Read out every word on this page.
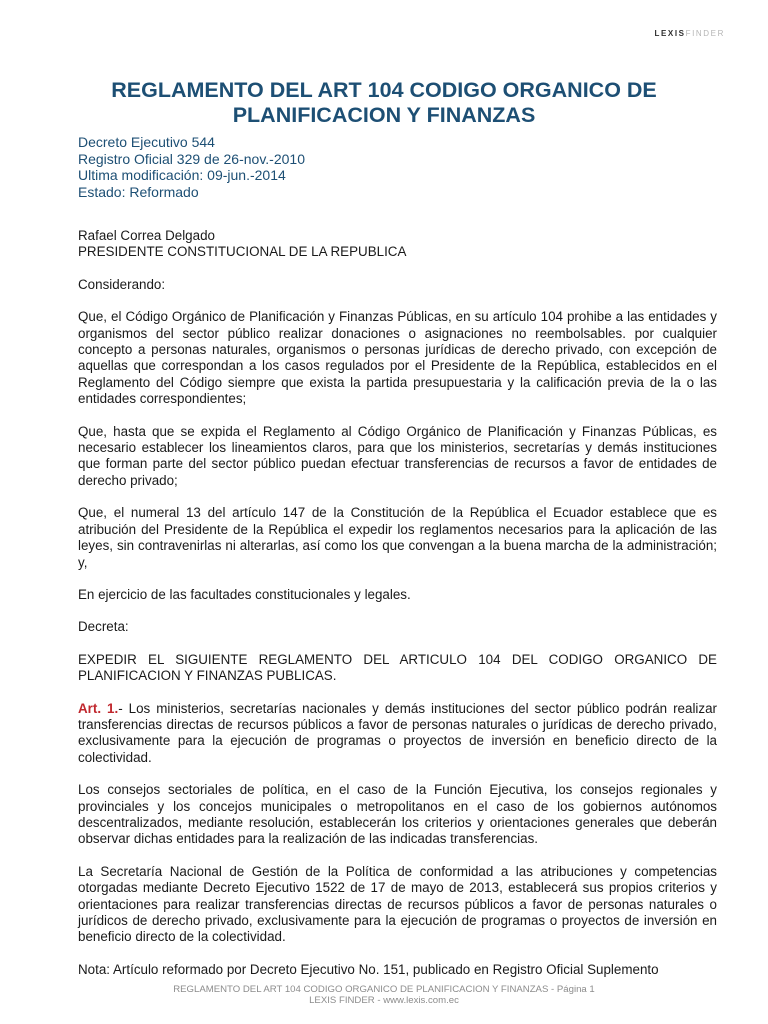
LEXISFINDER
REGLAMENTO DEL ART 104 CODIGO ORGANICO DE
PLANIFICACION Y FINANZAS
Decreto Ejecutivo 544
Registro Oficial 329 de 26-nov.-2010
Ultima modificación: 09-jun.-2014
Estado: Reformado

Rafael Correa Delgado

PRESIDENTE CONSTITUCIONAL DE LA REPUBLICA

Considerando:

Que, el Código Orgánico de Planificación y Finanzas Públicas, en su artículo 104 prohibe a las entidades y organismos del sector público realizar donaciones o asignaciones no reembolsables. por cualquier concepto a personas naturales, organismos o personas jurídicas de derecho privado, con excepción de aquellas que correspondan a los casos regulados por el Presidente de la República, establecidos en el Reglamento del Código siempre que exista la partida presupuestaria y la calificación previa de la o las entidades correspondientes;

Que, hasta que se expida el Reglamento al Código Orgánico de Planificación y Finanzas Públicas, es necesario establecer los lineamientos claros, para que los ministerios, secretarías y demás instituciones que forman parte del sector público puedan efectuar transferencias de recursos a favor de entidades de derecho privado;

Que, el numeral 13 del artículo 147 de la Constitución de la República el Ecuador establece que es atribución del Presidente de la República el expedir los reglamentos necesarios para la aplicación de las leyes, sin contravenirlas ni alterarlas, así como los que convengan a la buena marcha de la administración; y,

En ejercicio de las facultades constitucionales y legales.

Decreta:

EXPEDIR EL SIGUIENTE REGLAMENTO DEL ARTICULO 104 DEL CODIGO ORGANICO DE PLANIFICACION Y FINANZAS PUBLICAS.

Art. 1.- Los ministerios, secretarías nacionales y demás instituciones del sector público podrán realizar transferencias directas de recursos públicos a favor de personas naturales o jurídicas de derecho privado, exclusivamente para la ejecución de programas o proyectos de inversión en beneficio directo de la colectividad.

Los consejos sectoriales de política, en el caso de la Función Ejecutiva, los consejos regionales y provinciales y los concejos municipales o metropolitanos en el caso de los gobiernos autónomos descentralizados, mediante resolución, establecerán los criterios y orientaciones generales que deberán observar dichas entidades para la realización de las indicadas transferencias.

La Secretaría Nacional de Gestión de la Política de conformidad a las atribuciones y competencias otorgadas mediante Decreto Ejecutivo 1522 de 17 de mayo de 2013, establecerá sus propios criterios y orientaciones para realizar transferencias directas de recursos públicos a favor de personas naturales o jurídicos de derecho privado, exclusivamente para la ejecución de programas o proyectos de inversión en beneficio directo de la colectividad.

Nota: Artículo reformado por Decreto Ejecutivo No. 151, publicado en Registro Oficial Suplemento

REGLAMENTO DEL ART 104 CODIGO ORGANICO DE PLANIFICACION Y FINANZAS - Página 1
LEXIS FINDER - www.lexis.com.ec
